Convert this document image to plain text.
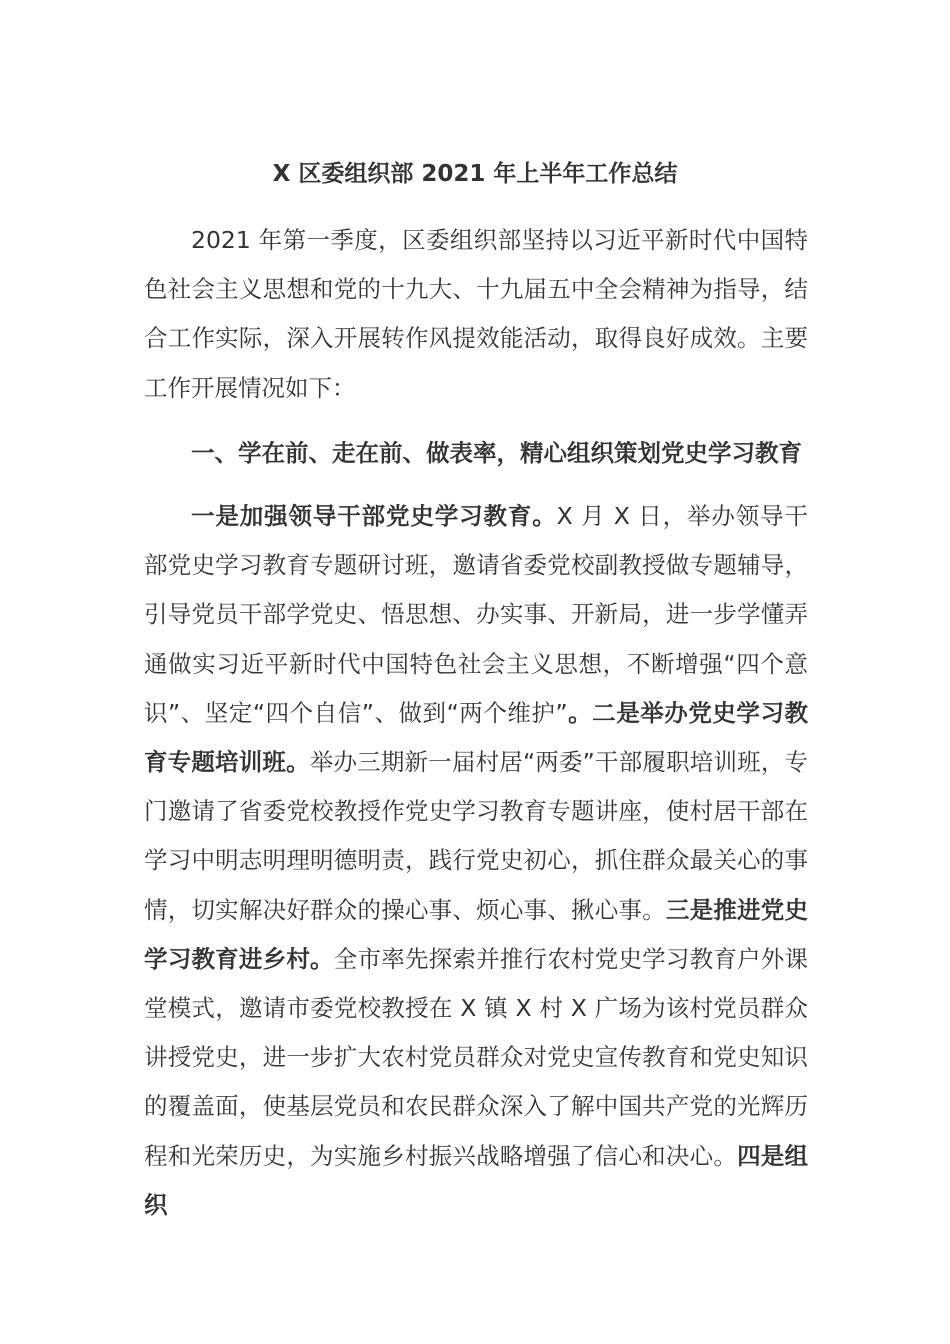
X 区委组织部 2021 年上半年工作总结

2021 年第一季度，区委组织部坚持以习近平新时代中国特色社会主义思想和党的十九大、十九届五中全会精神为指导，结合工作实际，深入开展转作风提效能活动，取得良好成效。主要工作开展情况如下：

一、学在前、走在前、做表率，精心组织策划党史学习教育

一是加强领导干部党史学习教育。X 月 X 日，举办领导干部党史学习教育专题研讨班，邀请省委党校副教授做专题辅导，引导党员干部学党史、悟思想、办实事、开新局，进一步学懂弄通做实习近平新时代中国特色社会主义思想，不断增强“四个意识”、坚定“四个自信”、做到“两个维护”。二是举办党史学习教育专题培训班。举办三期新一届村居“两委”干部履职培训班，专门邀请了省委党校教授作党史学习教育专题讲座，使村居干部在学习中明志明理明德明责，践行党史初心，抓住群众最关心的事情，切实解决好群众的操心事、烦心事、揪心事。三是推进党史学习教育进乡村。全市率先探索并推行农村党史学习教育户外课堂模式，邀请市委党校教授在 X 镇 X 村 X 广场为该村党员群众讲授党史，进一步扩大农村党员群众对党史宣传教育和党史知识的覆盖面，使基层党员和农民群众深入了解中国共产党的光辉历程和光荣历史，为实施乡村振兴战略增强了信心和决心。四是组织
